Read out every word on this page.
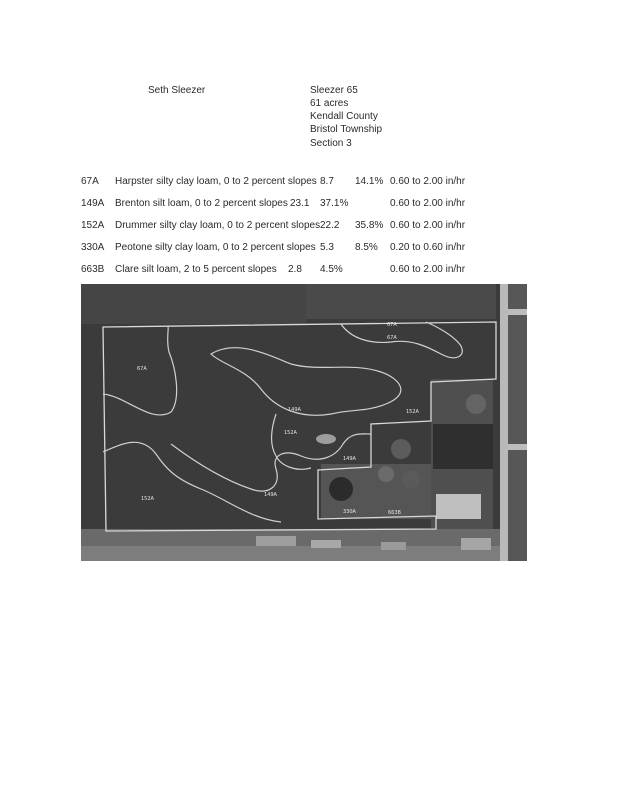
Seth Sleezer	Sleezer 65
61 acres
Kendall County
Bristol Township
Section 3
67A Harpster silty clay loam, 0 to 2 percent slopes 8.7 14.1% 0.60 to 2.00 in/hr
149A Brenton silt loam, 0 to 2 percent slopes 23.1 37.1%	0.60 to 2.00 in/hr
152A Drummer silty clay loam, 0 to 2 percent slopes 22.2 35.8% 0.60 to 2.00 in/hr
330A Peotone silty clay loam, 0 to 2 percent slopes 5.3 8.5% 0.20 to 0.60 in/hr
663B Clare silt loam, 2 to 5 percent slopes 2.8 4.5%	0.60 to 2.00 in/hr
67A
149A
152A
152A
149A
152A
149A
330A	663B
67A
67A
